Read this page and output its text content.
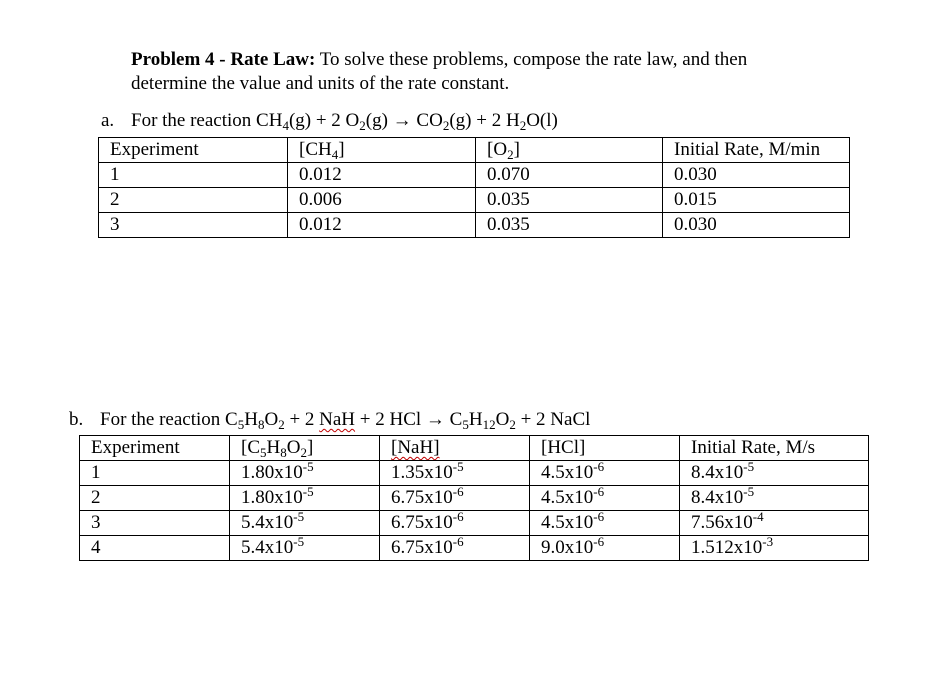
Problem 4 - Rate Law: To solve these problems, compose the rate law, and then
determine the value and units of the rate constant.
a. For the reaction $CH_4(g) + 2$ $O_2(g) \to CO_2(g) + 2$ $H_2O(l)$
Experiment	$[CH_4]$	$[O_2]$	Initial Rate, M/min
1	0.012	0.070	0.030
2	0.006	0.035	0.015
3	0.012	0.035	0.030
b. For the reaction $C_5H_8O_2 + 2$ NaH + 2 HCl → $C_5H_{12}O_2 + 2$ NaCl
Experiment	$[C_5H_8O_2]$	[NaH]	[HCl]	Initial Rate, M/s
1	$1.80x10^{-5}$	$1.35x10^{-5}$	$4.5x10^{-6}$	$8.4x10^{-5}$
2	$1.80x10^{-5}$	$6.75x10^{-6}$	$4.5x10^{-6}$	$8.4x10^{-5}$
3	$5.4x10^{-5}$	$6.75x10^{-6}$	$4.5x10^{-6}$	$7.56x10^{-4}$
4	$5.4x10^{-5}$	$6.75x10^{-6}$	$9.0x10^{-6}$	$1.512x10^{-3}$
